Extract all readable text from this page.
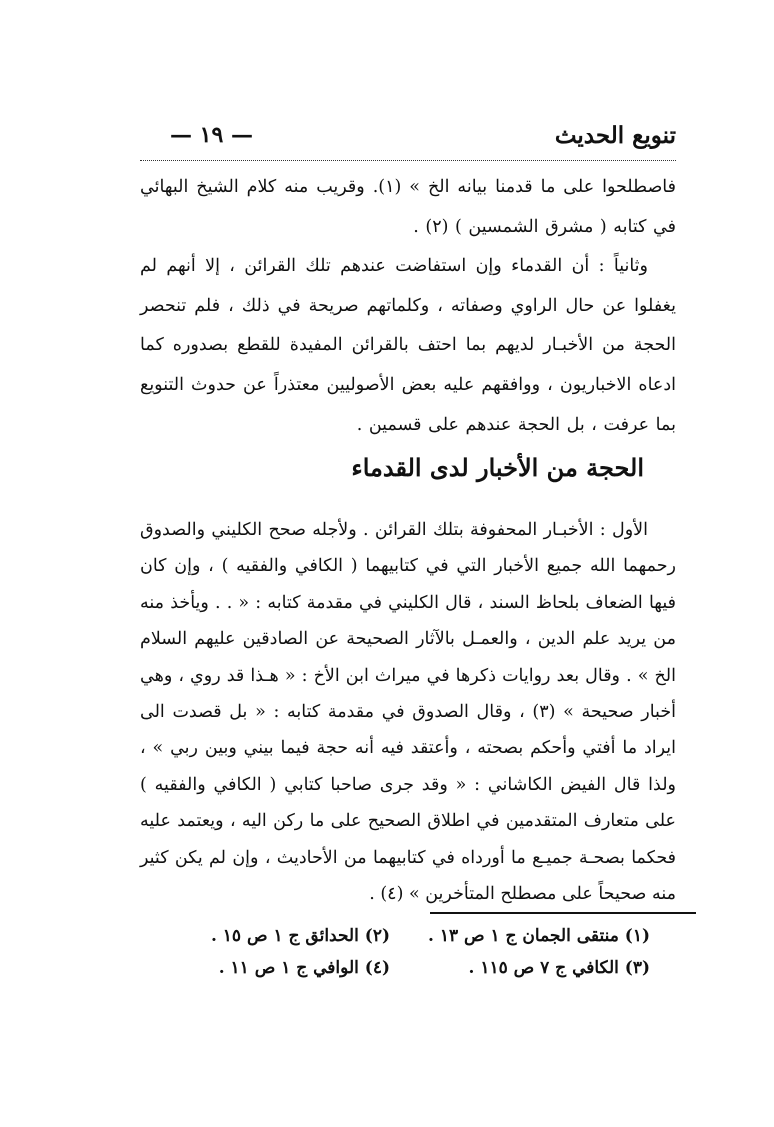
تنويع الحديث
— ١٩ —

فاصطلحوا على ما قدمنا بيانه الخ » (١). وقريب منه كلام الشيخ البهائي في كتابه ( مشرق الشمسين ) (٢) .

وثانياً : أن القدماء وإن استفاضت عندهم تلك القرائن ، إلا أنهم لم يغفلوا عن حال الراوي وصفاته ، وكلماتهم صريحة في ذلك ، فلم تنحصر الحجة من الأخبـار لديهم بما احتف بالقرائن المفيدة للقطع بصدوره كما ادعاه الاخباريون ، ووافقهم عليه بعض الأصوليين معتذراً عن حدوث التنويع بما عرفت ، بل الحجة عندهم على قسمين .

الحجة من الأخبار لدى القدماء

الأول : الأخبـار المحفوفة بتلك القرائن . ولأجله صحح الكليني والصدوق رحمهما الله جميع الأخبار التي في كتابيهما ( الكافي والفقيه ) ، وإن كان فيها الضعاف بلحاظ السند ، قال الكليني في مقدمة كتابه : « . . ويأخذ منه من يريد علم الدين ، والعمـل بالآثار الصحيحة عن الصادقين عليهم السلام الخ » . وقال بعد روايات ذكرها في ميراث ابن الأخ : « هـذا قد روي ، وهي أخبار صحيحة » (٣) ، وقال الصدوق في مقدمة كتابه : « بل قصدت الى ايراد ما أفتي وأحكم بصحته ، وأعتقد فيه أنه حجة فيما بيني وبين ربي » ، ولذا قال الفيض الكاشاني : « وقد جرى صاحبا كتابي ( الكافي والفقيه ) على متعارف المتقدمين في اطلاق الصحيح على ما ركن اليه ، ويعتمد عليه فحكما بصحـة جميـع ما أورداه في كتابيهما من الأحاديث ، وإن لم يكن كثير منه صحيحاً على مصطلح المتأخرين » (٤) .

(١) منتقى الجمان ج ١ ص ١٣ .
(٢) الحدائق ج ١ ص ١٥ .
(٣) الكافي ج ٧ ص ١١٥ .
(٤) الوافي ج ١ ص ١١ .
